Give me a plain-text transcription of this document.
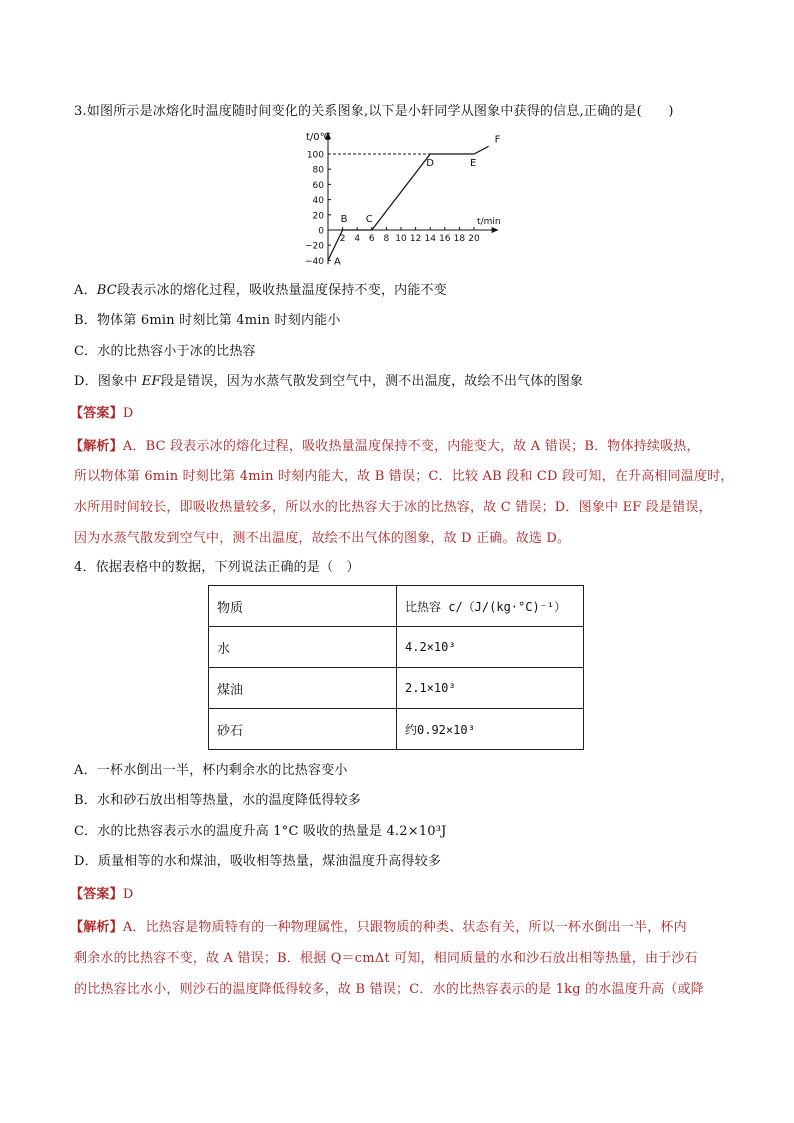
3.如图所示是冰熔化时温度随时间变化的关系图象,以下是小轩同学从图象中获得的信息,正确的是(　　)
t/0℃
t/min
100
80
60
40
20
0
−20
−40
2 4 6 8 10 12 14 16 18 20
A
B C
D	E
F
A．BC段表示冰的熔化过程，吸收热量温度保持不变，内能不变
B．物体第 6min 时刻比第 4min 时刻内能小
C．水的比热容小于冰的比热容
D．图象中 EF段是错误，因为水蒸气散发到空气中，测不出温度，故绘不出气体的图象
【答案】D
【解析】A．BC 段表示冰的熔化过程，吸收热量温度保持不变，内能变大，故 A 错误；B．物体持续吸热，
所以物体第 6min 时刻比第 4min 时刻内能大，故 B 错误；C．比较 AB 段和 CD 段可知，在升高相同温度时，
水所用时间较长，即吸收热量较多，所以水的比热容大于冰的比热容，故 C 错误；D．图象中 EF 段是错误，
因为水蒸气散发到空气中，测不出温度，故绘不出气体的图象，故 D 正确。故选 D。
4．依据表格中的数据，下列说法正确的是（　）
物质	比热容 c/（J/(kg·°C)⁻¹）
水	4.2×10³
煤油	2.1×10³
砂石	约0.92×10³
A．一杯水倒出一半，杯内剩余水的比热容变小
B．水和砂石放出相等热量，水的温度降低得较多
C．水的比热容表示水的温度升高 1°C 吸收的热量是 4.2×10³J
D．质量相等的水和煤油，吸收相等热量，煤油温度升高得较多
【答案】D
【解析】A．比热容是物质特有的一种物理属性，只跟物质的种类、状态有关，所以一杯水倒出一半，杯内
剩余水的比热容不变，故 A 错误；B．根据 Q＝cmΔt 可知，相同质量的水和沙石放出相等热量，由于沙石
的比热容比水小，则沙石的温度降低得较多，故 B 错误；C．水的比热容表示的是 1kg 的水温度升高（或降
